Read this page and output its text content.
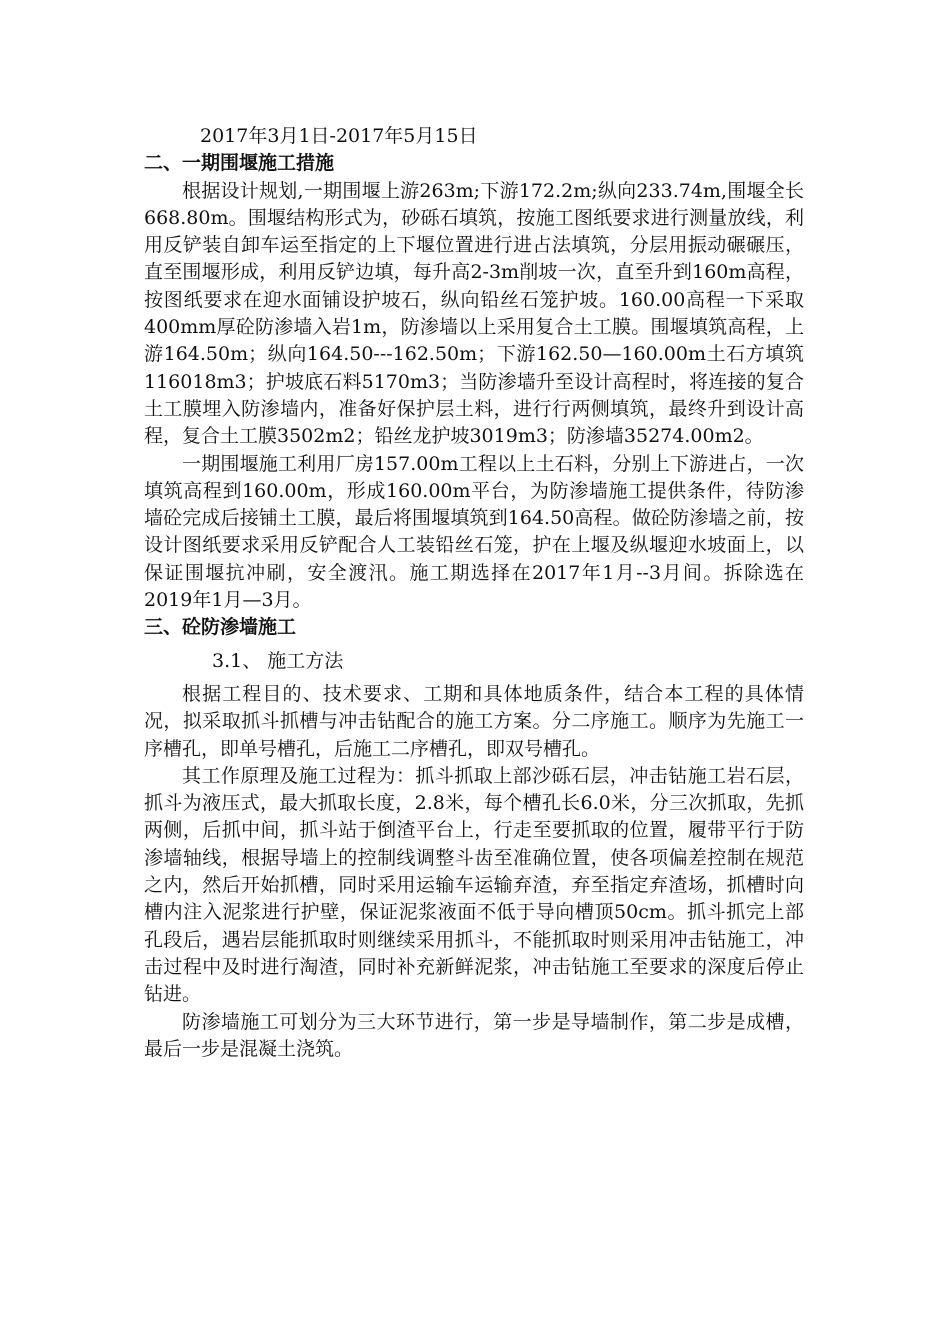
2017年3月1日-2017年5月15日

二、一期围堰施工措施

根据设计规划,一期围堰上游263m;下游172.2m;纵向233.74m,围堰全长668.80m。围堰结构形式为，砂砾石填筑，按施工图纸要求进行测量放线，利用反铲装自卸车运至指定的上下堰位置进行进占法填筑，分层用振动碾碾压，直至围堰形成，利用反铲边填，每升高2-3m削坡一次，直至升到160m高程，按图纸要求在迎水面铺设护坡石，纵向铅丝石笼护坡。160.00高程一下采取400mm厚砼防渗墙入岩1m，防渗墙以上采用复合土工膜。围堰填筑高程，上游164.50m；纵向164.50---162.50m；下游162.50—160.00m土石方填筑116018m3；护坡底石料5170m3；当防渗墙升至设计高程时，将连接的复合土工膜埋入防渗墙内，准备好保护层土料，进行行两侧填筑，最终升到设计高程，复合土工膜3502m2；铅丝龙护坡3019m3；防渗墙35274.00m2。

一期围堰施工利用厂房157.00m工程以上土石料，分别上下游进占，一次填筑高程到160.00m，形成160.00m平台，为防渗墙施工提供条件，待防渗墙砼完成后接铺土工膜，最后将围堰填筑到164.50高程。做砼防渗墙之前，按设计图纸要求采用反铲配合人工装铅丝石笼，护在上堰及纵堰迎水坡面上，以保证围堰抗冲刷，安全渡汛。施工期选择在2017年1月--3月间。拆除选在2019年1月—3月。

三、砼防渗墙施工

3.1、 施工方法

根据工程目的、技术要求、工期和具体地质条件，结合本工程的具体情况，拟采取抓斗抓槽与冲击钻配合的施工方案。分二序施工。顺序为先施工一序槽孔，即单号槽孔，后施工二序槽孔，即双号槽孔。

其工作原理及施工过程为：抓斗抓取上部沙砾石层，冲击钻施工岩石层，抓斗为液压式，最大抓取长度，2.8米，每个槽孔长6.0米，分三次抓取，先抓两侧，后抓中间，抓斗站于倒渣平台上，行走至要抓取的位置，履带平行于防渗墙轴线，根据导墙上的控制线调整斗齿至准确位置，使各项偏差控制在规范之内，然后开始抓槽，同时采用运输车运输弃渣，弃至指定弃渣场，抓槽时向槽内注入泥浆进行护壁，保证泥浆液面不低于导向槽顶50cm。抓斗抓完上部孔段后，遇岩层能抓取时则继续采用抓斗，不能抓取时则采用冲击钻施工，冲击过程中及时进行淘渣，同时补充新鲜泥浆，冲击钻施工至要求的深度后停止钻进。

防渗墙施工可划分为三大环节进行，第一步是导墙制作，第二步是成槽，最后一步是混凝土浇筑。
